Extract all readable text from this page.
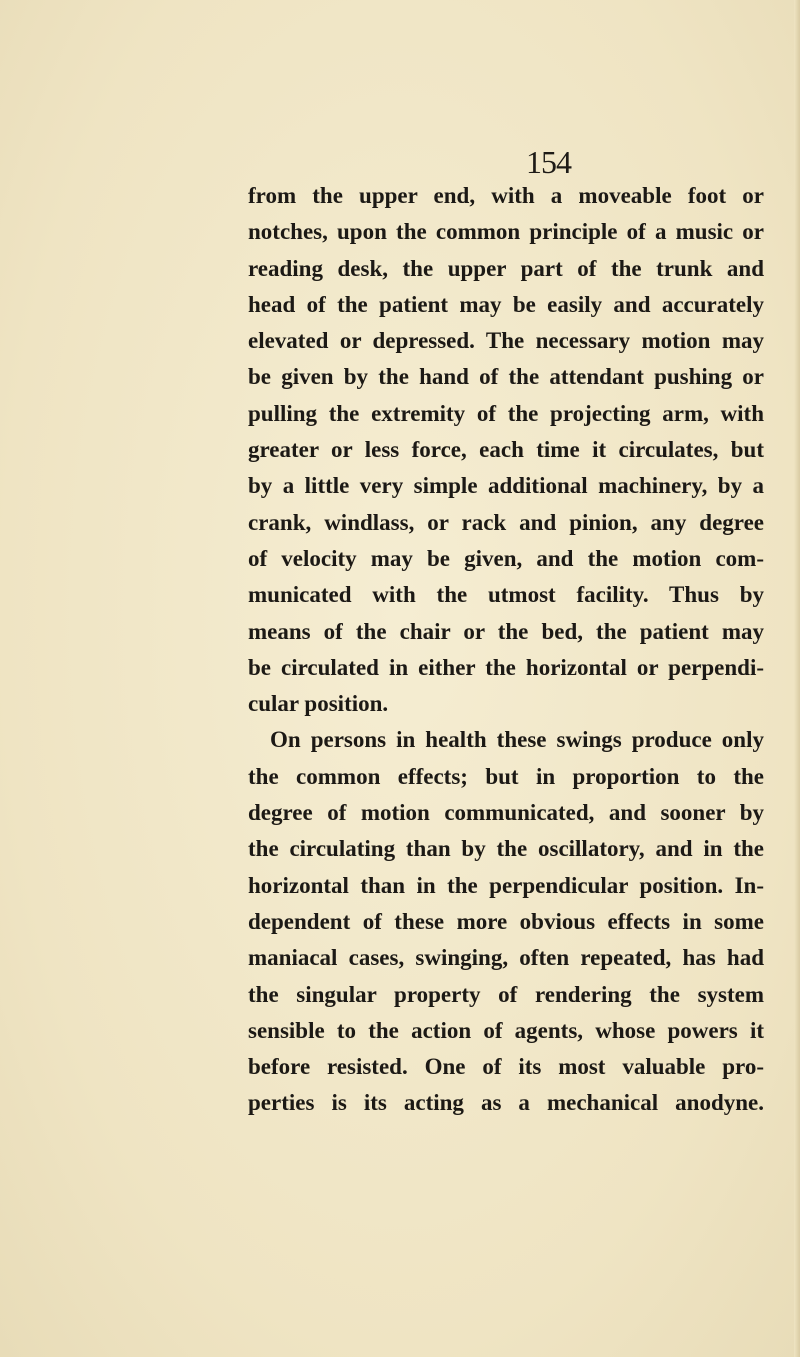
154
from the upper end, with a moveable foot or
notches, upon the common principle of a music or
reading desk, the upper part of the trunk and
head of the patient may be easily and accurately
elevated or depressed. The necessary motion may
be given by the hand of the attendant pushing or
pulling the extremity of the projecting arm, with
greater or less force, each time it circulates, but
by a little very simple additional machinery, by a
crank, windlass, or rack and pinion, any degree
of velocity may be given, and the motion com-
municated with the utmost facility. Thus by
means of the chair or the bed, the patient may
be circulated in either the horizontal or perpendi-
cular position.
On persons in health these swings produce only
the common effects; but in proportion to the
degree of motion communicated, and sooner by
the circulating than by the oscillatory, and in the
horizontal than in the perpendicular position. In-
dependent of these more obvious effects in some
maniacal cases, swinging, often repeated, has had
the singular property of rendering the system
sensible to the action of agents, whose powers it
before resisted. One of its most valuable pro-
perties is its acting as a mechanical anodyne.
